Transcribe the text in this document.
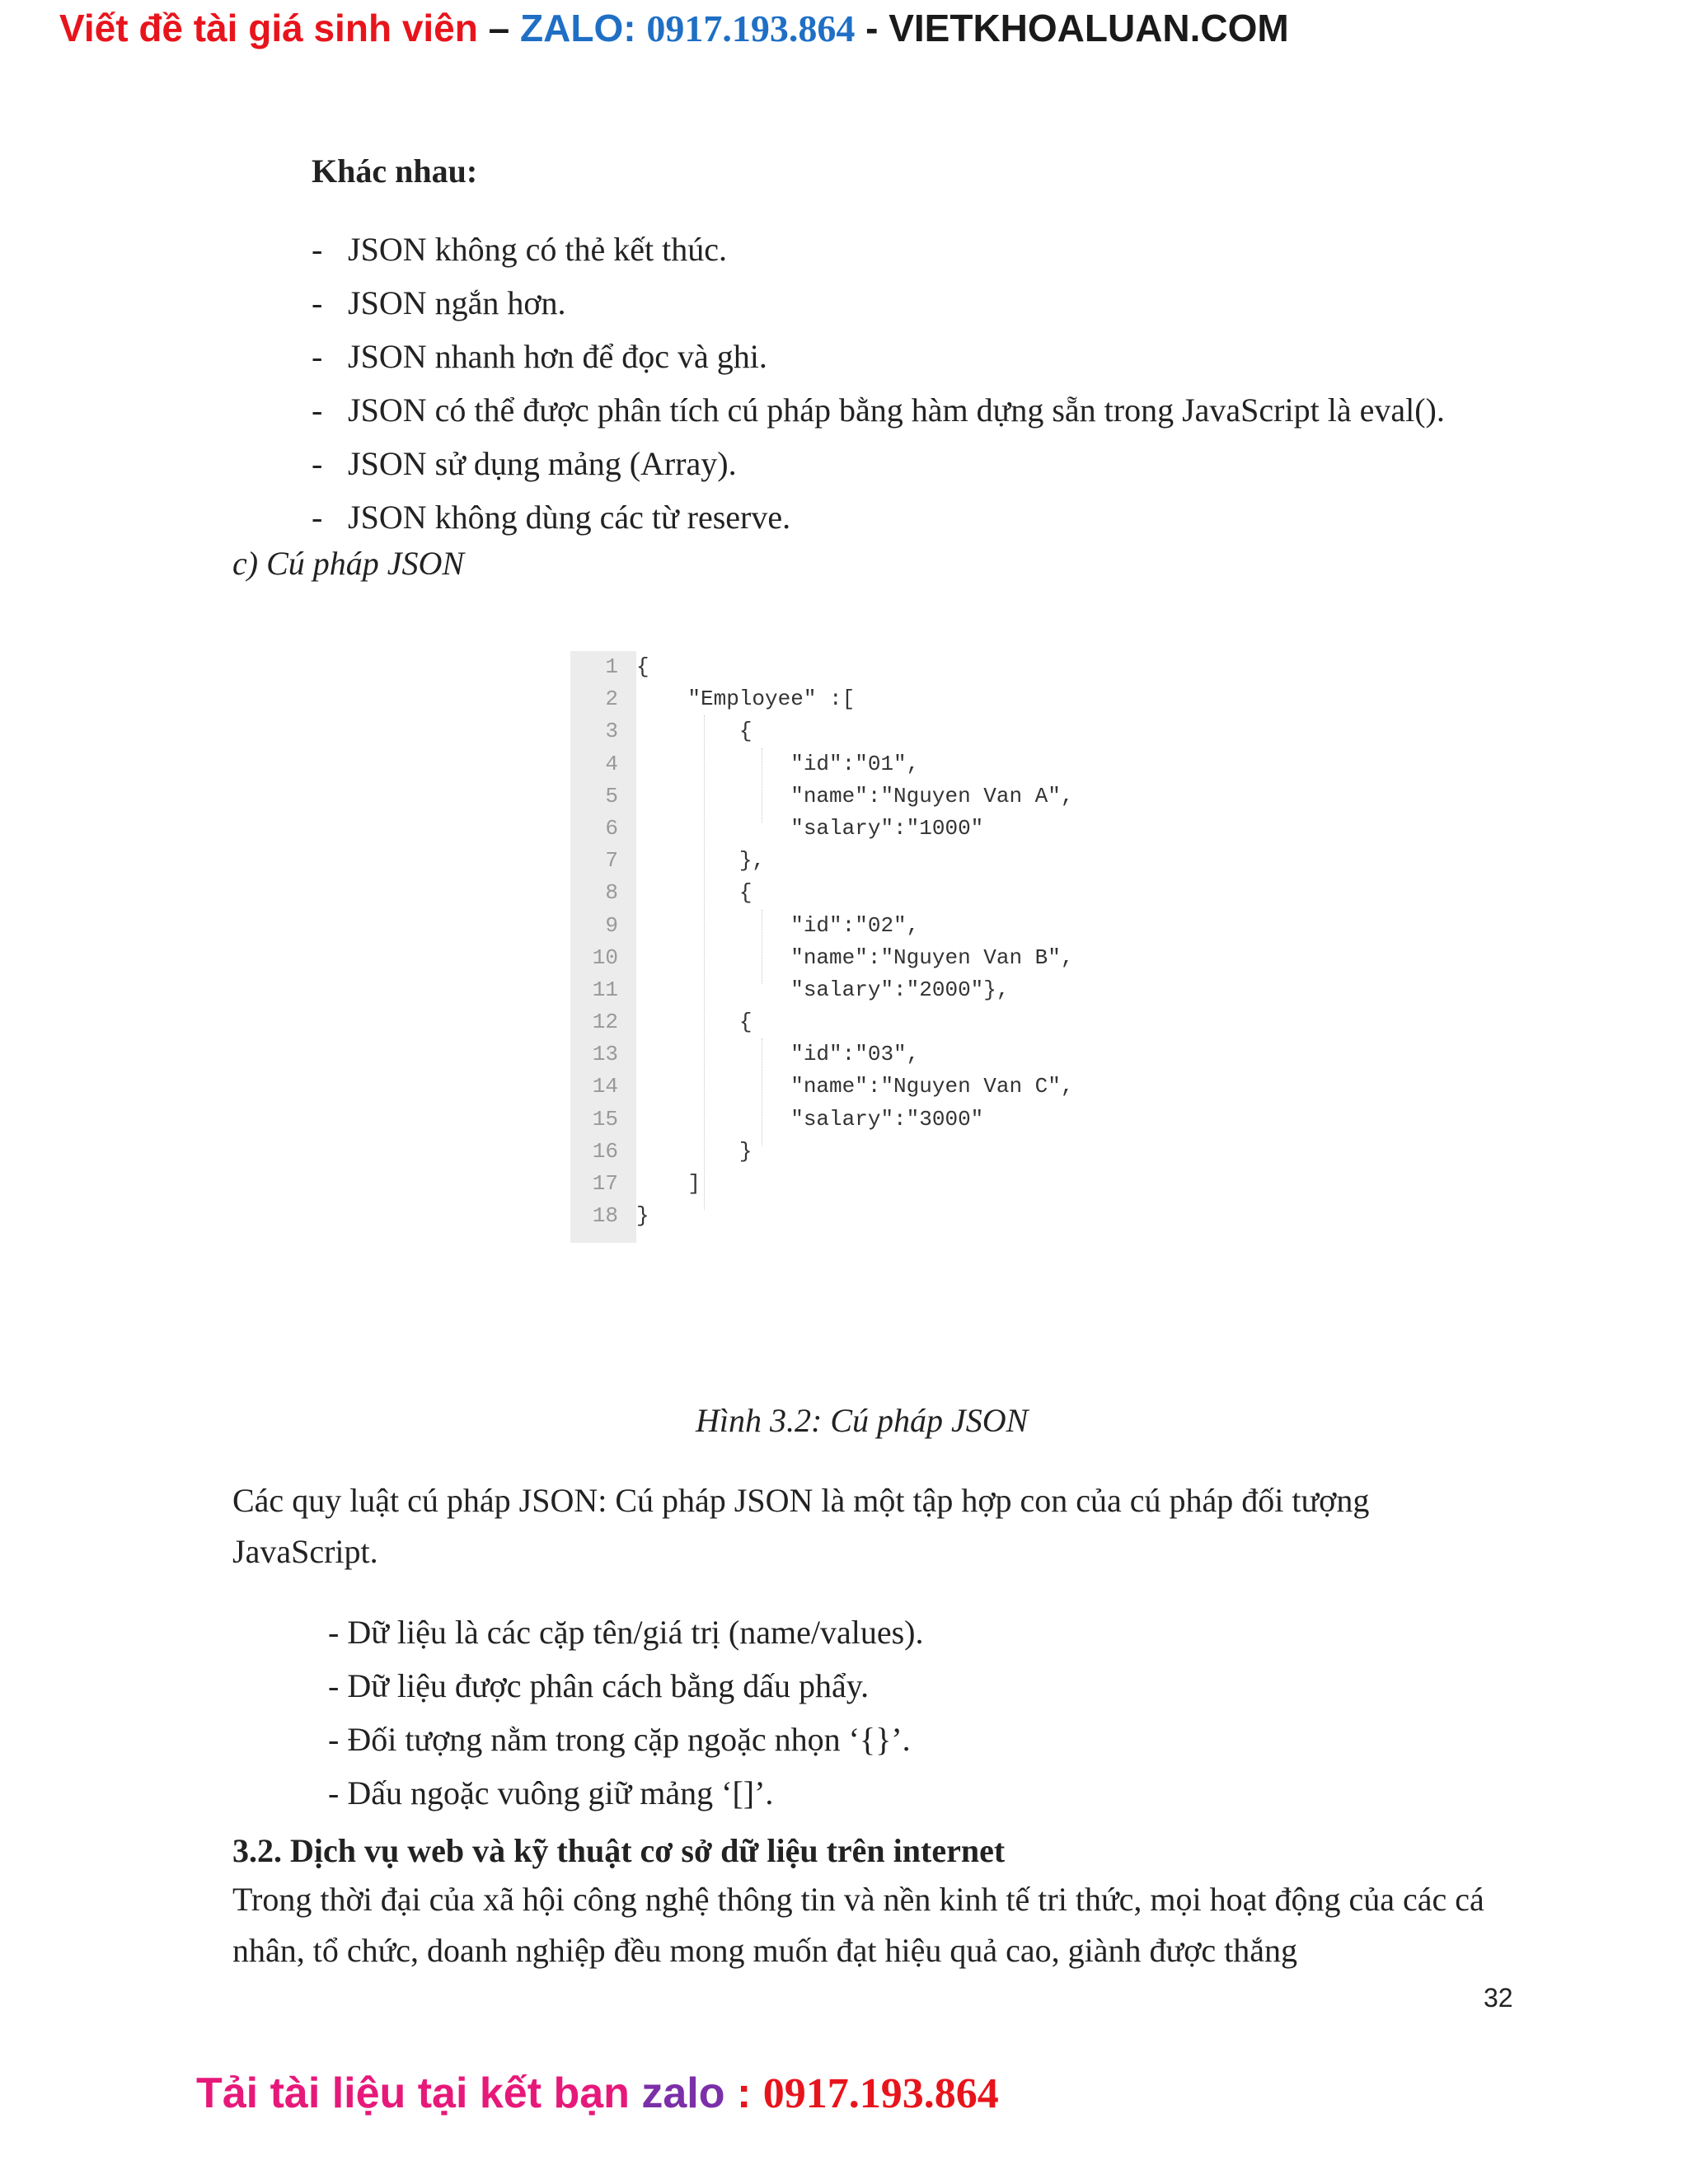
Viết đề tài giá sinh viên – ZALO: 0917.193.864 - VIETKHOALUAN.COM
Khác nhau:
- JSON không có thẻ kết thúc.
- JSON ngắn hơn.
- JSON nhanh hơn để đọc và ghi.
- JSON có thể được phân tích cú pháp bằng hàm dựng sẵn trong JavaScript là eval().
- JSON sử dụng mảng (Array).
- JSON không dùng các từ reserve.
c) Cú pháp JSON
1
2
3
4
5
6
7
8
9
10
11
12
13
14
15
16
17
18
{
"Employee" :[
{
"id":"01",
"name":"Nguyen Van A",
"salary":"1000"
},
{
"id":"02",
"name":"Nguyen Van B",
"salary":"2000"},
{
"id":"03",
"name":"Nguyen Van C",
"salary":"3000"
}
]
}
Hình 3.2: Cú pháp JSON
Các quy luật cú pháp JSON: Cú pháp JSON là một tập hợp con của cú pháp đối tượng JavaScript.
- Dữ liệu là các cặp tên/giá trị (name/values).
- Dữ liệu được phân cách bằng dấu phẩy.
- Đối tượng nằm trong cặp ngoặc nhọn ‘{}’.
- Dấu ngoặc vuông giữ mảng ‘[]’.
3.2. Dịch vụ web và kỹ thuật cơ sở dữ liệu trên internet
Trong thời đại của xã hội công nghệ thông tin và nền kinh tế tri thức, mọi hoạt động của các cá nhân, tổ chức, doanh nghiệp đều mong muốn đạt hiệu quả cao, giành được thắng
32
Tải tài liệu tại kết bạn zalo : 0917.193.864
